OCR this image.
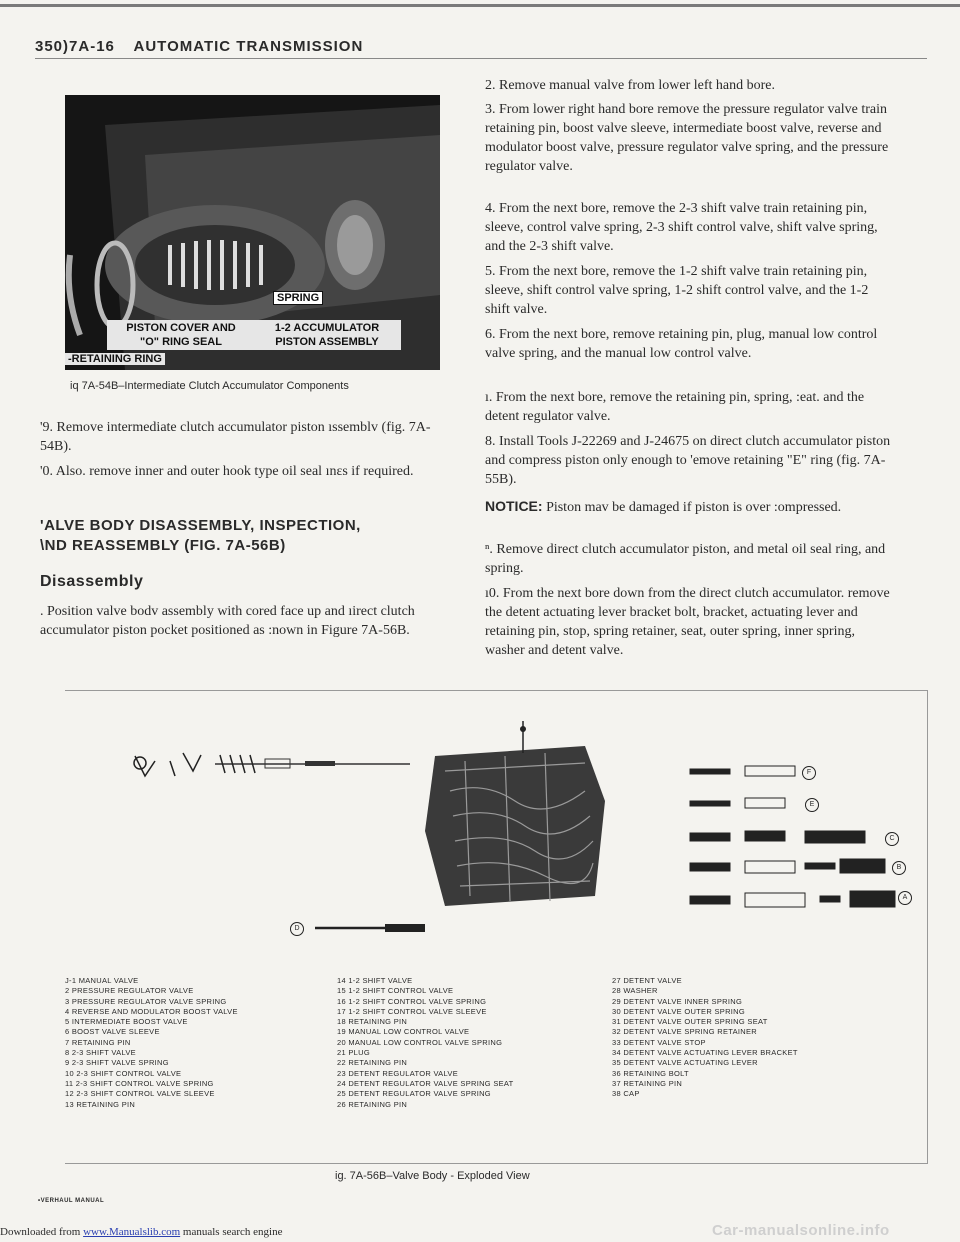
350)7A-16 AUTOMATIC TRANSMISSION
SPRING
PISTON COVER AND
"O" RING SEAL
-RETAINING RING
1-2 ACCUMULATOR
PISTON ASSEMBLY
iq 7A-54B–Intermediate Clutch Accumulator Components
'9. Remove intermediate clutch accumulator piston ıssemblv (fig. 7A-54B).
'0. Also. remove inner and outer hook type oil seal ınεs if required.
'ALVE BODY DISASSEMBLY, INSPECTION,
\ND REASSEMBLY (FIG. 7A-56B)
Disassembly
. Position valve bodv assembly with cored face up and ıirect clutch accumulator piston pocket positioned as :nown in Figure 7A-56B.
2. Remove manual valve from lower left hand bore.
3. From lower right hand bore remove the pressure regulator valve train retaining pin, boost valve sleeve, intermediate boost valve, reverse and modulator boost valve, pressure regulator valve spring, and the pressure regulator valve.
4. From the next bore, remove the 2-3 shift valve train retaining pin, sleeve, control valve spring, 2-3 shift control valve, shift valve spring, and the 2-3 shift valve.
5. From the next bore, remove the 1-2 shift valve train retaining pin, sleeve, shift control valve spring, 1-2 shift control valve, and the 1-2 shift valve.
6. From the next bore, remove retaining pin, plug, manual low control valve spring, and the manual low control valve.
ı. From the next bore, remove the retaining pin, spring, :eat. and the detent regulator valve.
8. Install Tools J-22269 and J-24675 on direct clutch accumulator piston and compress piston only enough to 'emove retaining "E" ring (fig. 7A-55B).
NOTICE: Piston mav be damaged if piston is over :ompressed.
ⁿ. Remove direct clutch accumulator piston, and metal oil seal ring, and spring.
ı0. From the next bore down from the direct clutch accumulator. remove the detent actuating lever bracket bolt, bracket, actuating lever and retaining pin, stop, spring retainer, seat, outer spring, inner spring, washer and detent valve.
A
B
C
D
E
F
J-1 MANUAL VALVE
2 PRESSURE REGULATOR VALVE
3 PRESSURE REGULATOR VALVE SPRING
4 REVERSE AND MODULATOR BOOST VALVE
5 INTERMEDIATE BOOST VALVE
6 BOOST VALVE SLEEVE
7 RETAINING PIN
8 2-3 SHIFT VALVE
9 2-3 SHIFT VALVE SPRING
10 2-3 SHIFT CONTROL VALVE
11 2-3 SHIFT CONTROL VALVE SPRING
12 2-3 SHIFT CONTROL VALVE SLEEVE
13 RETAINING PIN
14 1-2 SHIFT VALVE
15 1-2 SHIFT CONTROL VALVE
16 1-2 SHIFT CONTROL VALVE SPRING
17 1-2 SHIFT CONTROL VALVE SLEEVE
18 RETAINING PIN
19 MANUAL LOW CONTROL VALVE
20 MANUAL LOW CONTROL VALVE SPRING
21 PLUG
22 RETAINING PIN
23 DETENT REGULATOR VALVE
24 DETENT REGULATOR VALVE SPRING SEAT
25 DETENT REGULATOR VALVE SPRING
26 RETAINING PIN
27 DETENT VALVE
28 WASHER
29 DETENT VALVE INNER SPRING
30 DETENT VALVE OUTER SPRING
31 DETENT VALVE OUTER SPRING SEAT
32 DETENT VALVE SPRING RETAINER
33 DETENT VALVE STOP
34 DETENT VALVE ACTUATING LEVER BRACKET
35 DETENT VALVE ACTUATING LEVER
36 RETAINING BOLT
37 RETAINING PIN
38 CAP
ig. 7A-56B–Valve Body - Exploded View
•VERHAUL MANUAL
Downloaded from www.Manualslib.com manuals search engine	Car-manualsonline.info
